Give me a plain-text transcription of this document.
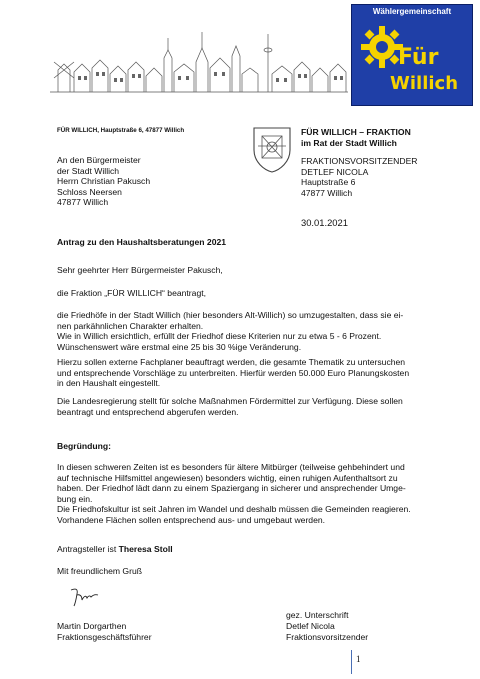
Wählergemeinschaft
Für
Willich
FÜR WILLICH, Hauptstraße 6, 47877 Willich
An den Bürgermeister
der Stadt Willich
Herrn Christian Pakusch
Schloss Neersen
47877 Willich
FÜR WILLICH – FRAKTION
im Rat der Stadt Willich
FRAKTIONSVORSITZENDER
DETLEF NICOLA
Hauptstraße 6
47877 Willich
30.01.2021
Antrag zu den Haushaltsberatungen 2021
Sehr geehrter Herr Bürgermeister Pakusch,
die Fraktion „FÜR WILLICH“ beantragt,
die Friedhöfe in der Stadt Willich (hier besonders Alt-Willich) so umzugestalten, dass sie ei-
nen parkähnlichen Charakter erhalten.
Wie in Willich ersichtlich, erfüllt der Friedhof diese Kriterien nur zu etwa 5 - 6 Prozent.
Wünschenswert wäre erstmal eine 25 bis 30 %ige Veränderung.
Hierzu sollen externe Fachplaner beauftragt werden, die gesamte Thematik zu untersuchen
und entsprechende Vorschläge zu unterbreiten. Hierfür werden 50.000 Euro Planungskosten
in den Haushalt eingestellt.
Die Landesregierung stellt für solche Maßnahmen Fördermittel zur Verfügung. Diese sollen
beantragt und entsprechend abgerufen werden.
Begründung:
In diesen schweren Zeiten ist es besonders für ältere Mitbürger (teilweise gehbehindert und
auf technische Hilfsmittel angewiesen) besonders wichtig, einen ruhigen Aufenthaltsort zu
haben. Der Friedhof lädt dann zu einem Spaziergang in sicherer und ansprechender Umge-
bung ein.
Die Friedhofskultur ist seit Jahren im Wandel und deshalb müssen die Gemeinden reagieren.
Vorhandene Flächen sollen entsprechend aus- und umgebaut werden.
Antragsteller ist Theresa Stoll
Mit freundlichem Gruß
gez. Unterschrift
Martin Dorgarthen
Fraktionsgeschäftsführer
Detlef Nicola
Fraktionsvorsitzender
1
